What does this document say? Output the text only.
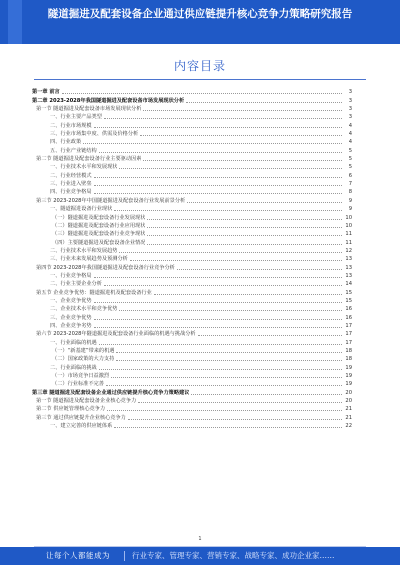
隧道掘进及配套设备企业通过供应链提升核心竞争力策略研究报告
内容目录
第一章 前言	3
第二章 2023-2028年我国隧道掘进及配套设备市场发展现状分析	3
第一节 隧道掘进及配套设备市场发展现状分析	3
一、行业主要产品类型	3
二、行业市场规模	4
三、行业市场集中度、供需及价格分析	4
四、行业政策	4
五、行业产业链结构	5
第二节 隧道掘进及配套设备行业主要驱动因素	5
一、行业技术水平和发展现状	5
二、行业经营模式	6
三、行业进入壁垒	7
四、行业竞争格局	8
第三节 2023-2028年中国隧道掘进及配套设备行业发展前景分析	9
一、隧道掘进设备行业现状	9
（一）隧道掘进及配套设备行业发展现状	10
（二）隧道掘进及配套设备行业应用现状	10
（三）隧道掘进及配套设备行业竞争现状	11
（四）主要隧道掘进及配套设备企业情况	11
二、行业技术水平和发展趋势	12
三、行业未来发展趋势及预测分析	13
第四节 2023-2028年我国隧道掘进及配套设备行业竞争分析	13
一、行业竞争格局	13
二、行业主要企业分析	14
第五节 企业竞争优势：隧道掘进机及配套设备行业	15
一、企业竞争优势	15
二、企业技术水平和竞争优势	16
三、企业竞争优势	16
四、企业竞争劣势	17
第六节 2023-2028年隧道掘进及配套设备行业面临的机遇与挑战分析	17
一、行业面临的机遇	17
（一）“新基建”带来的机遇	18
（二）国家政策的大力支持	18
二、行业面临的挑战	19
（一）市场竞争日益激烈	19
（二）行业标准不完善	19
第三章 隧道掘进及配套设备企业通过供应链提升核心竞争力策略建议	20
第一节 隧道掘进及配套设备企业核心竞争力	20
第二节 供应链管理核心竞争力	21
第三节 通过供应链提升企业核心竞争力	21
一、建立完善的供应链体系	22
1
让每个人都能成为	行业专家、管理专家、营销专家、战略专家、成功企业家……
